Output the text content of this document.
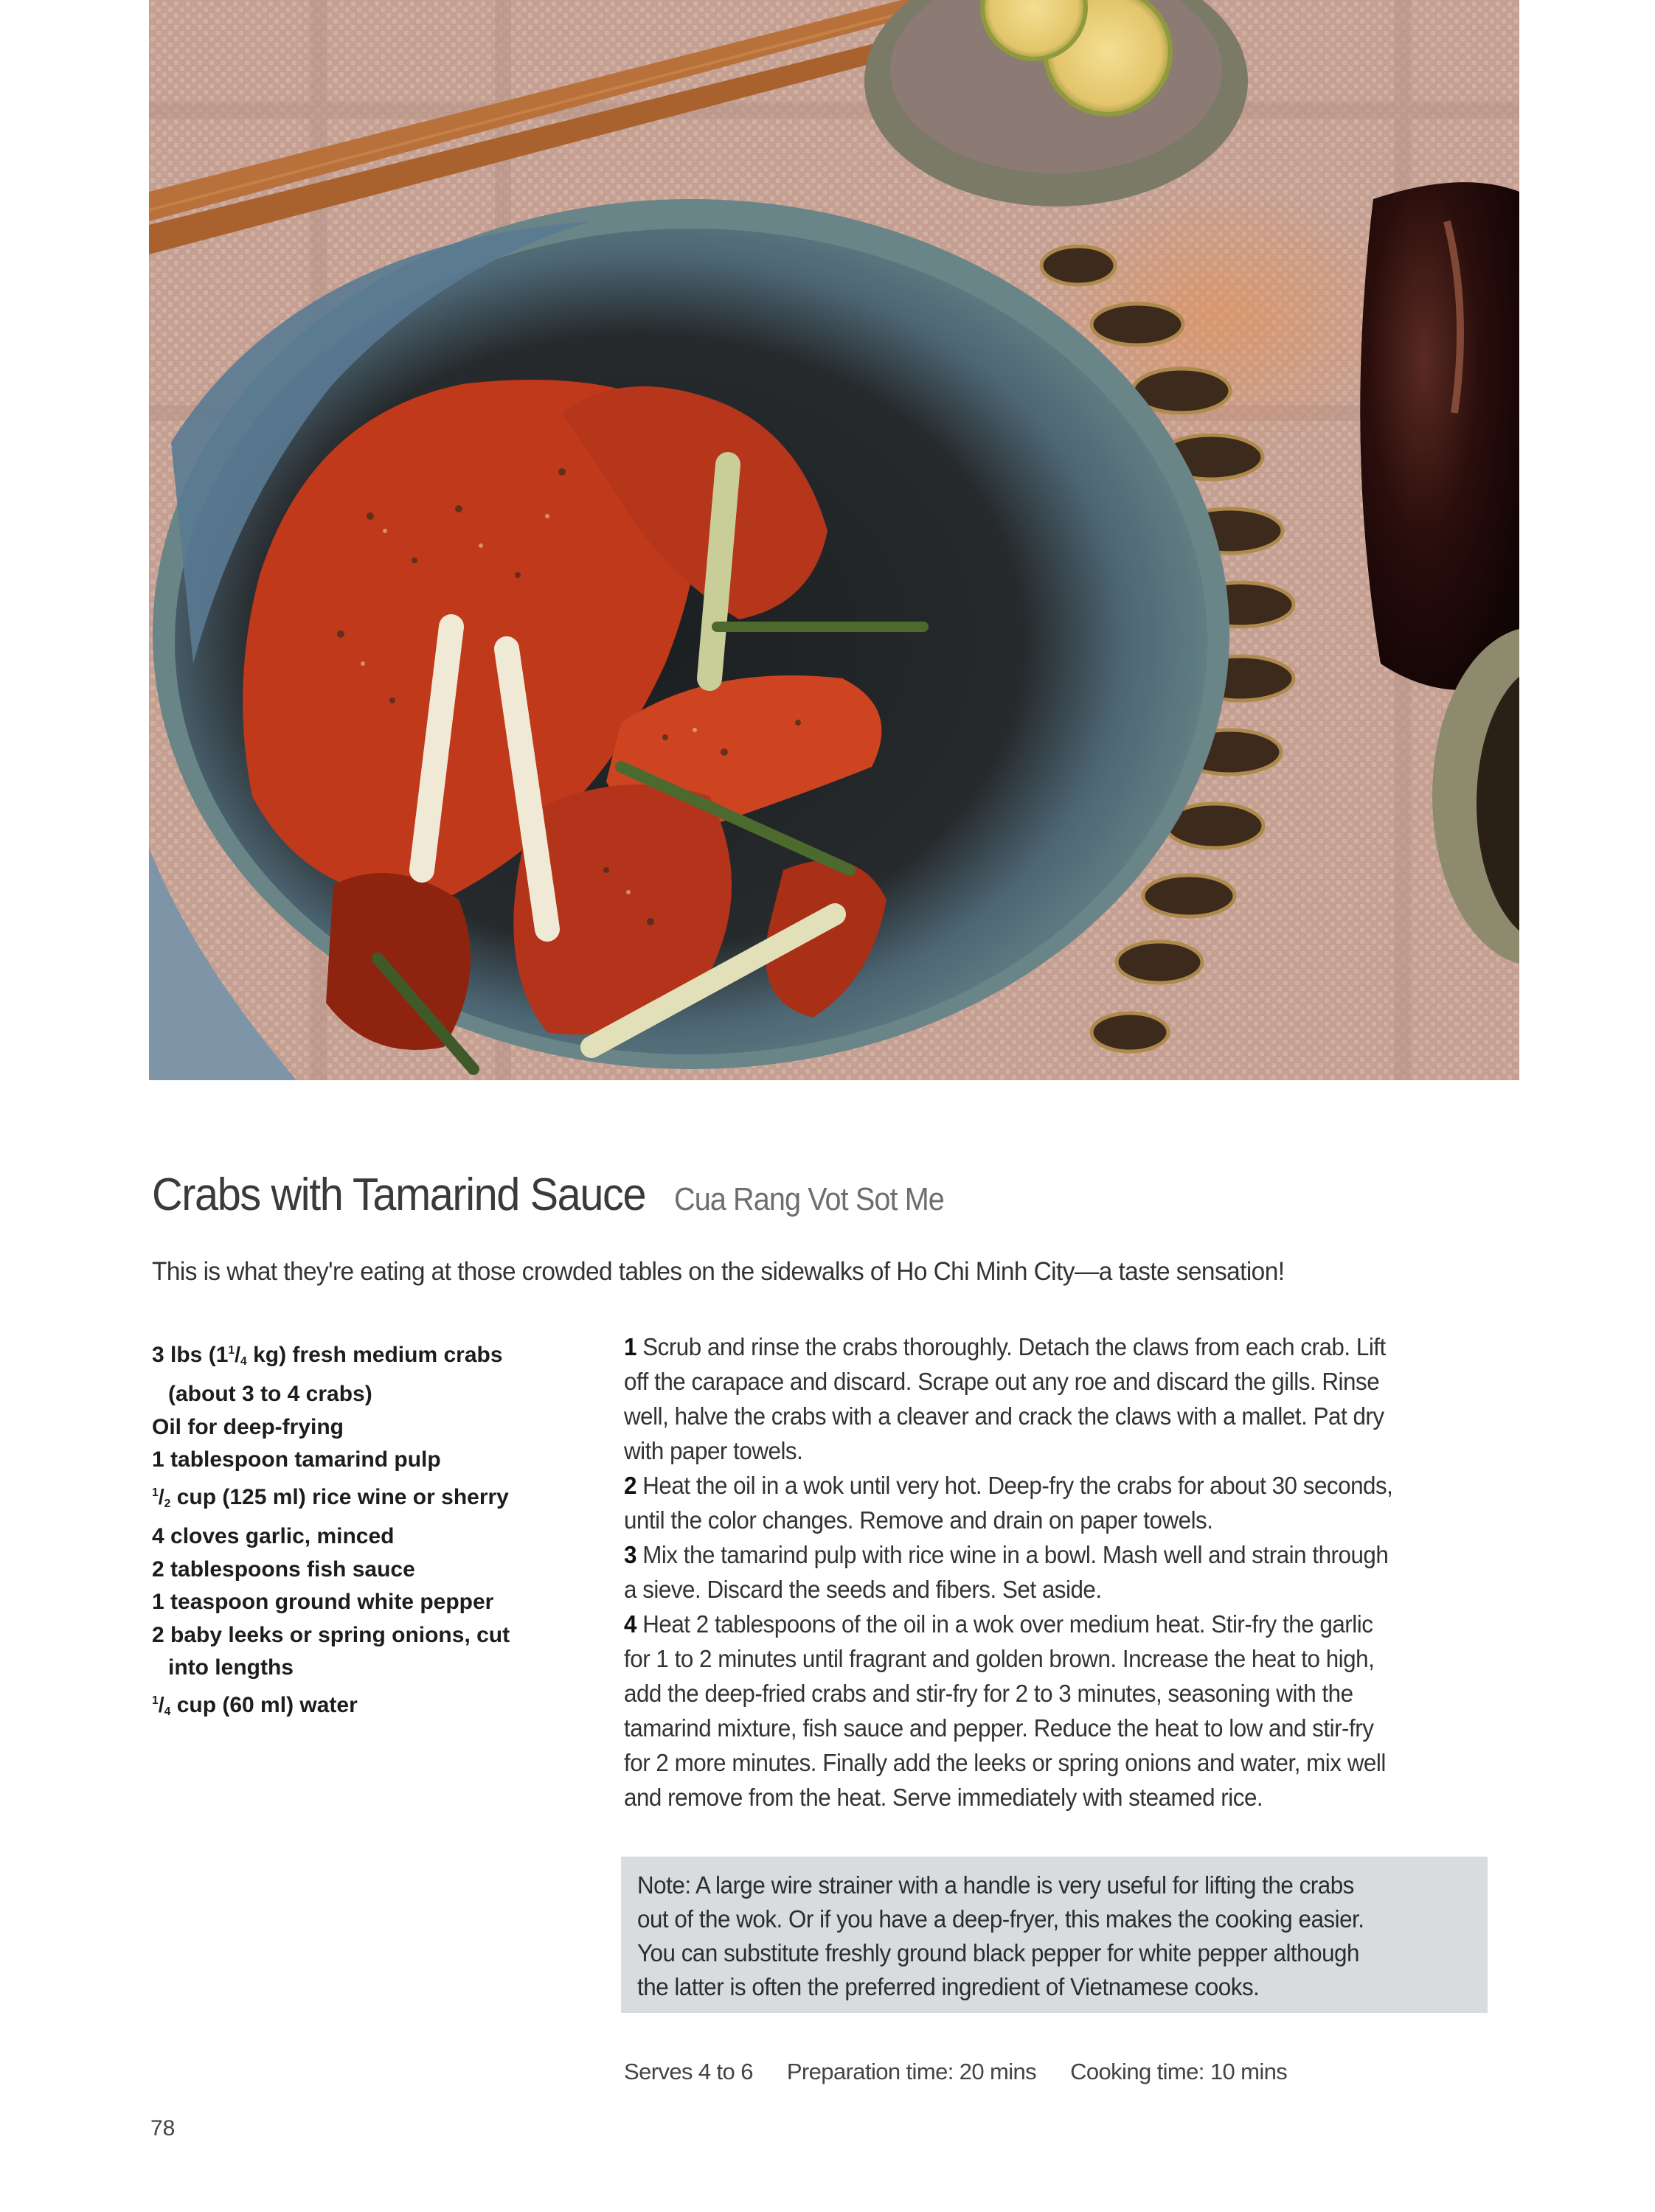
Crabs with Tamarind Sauce Cua Rang Vot Sot Me
This is what they're eating at those crowded tables on the sidewalks of Ho Chi Minh City—a taste sensation!
3 lbs ($1^1/_4$ kg) fresh medium crabs
(about 3 to 4 crabs)
Oil for deep-frying
1 tablespoon tamarind pulp
$^1/_2$ cup (125 ml) rice wine or sherry
4 cloves garlic, minced
2 tablespoons fish sauce
1 teaspoon ground white pepper
2 baby leeks or spring onions, cut
into lengths
$^1/_4$ cup (60 ml) water
1 Scrub and rinse the crabs thoroughly. Detach the claws from each crab. Lift
off the carapace and discard. Scrape out any roe and discard the gills. Rinse
well, halve the crabs with a cleaver and crack the claws with a mallet. Pat dry
with paper towels.
2 Heat the oil in a wok until very hot. Deep-fry the crabs for about 30 seconds,
until the color changes. Remove and drain on paper towels.
3 Mix the tamarind pulp with rice wine in a bowl. Mash well and strain through
a sieve. Discard the seeds and fibers. Set aside.
4 Heat 2 tablespoons of the oil in a wok over medium heat. Stir-fry the garlic
for 1 to 2 minutes until fragrant and golden brown. Increase the heat to high,
add the deep-fried crabs and stir-fry for 2 to 3 minutes, seasoning with the
tamarind mixture, fish sauce and pepper. Reduce the heat to low and stir-fry
for 2 more minutes. Finally add the leeks or spring onions and water, mix well
and remove from the heat. Serve immediately with steamed rice.
Note: A large wire strainer with a handle is very useful for lifting the crabs
out of the wok. Or if you have a deep-fryer, this makes the cooking easier.
You can substitute freshly ground black pepper for white pepper although
the latter is often the preferred ingredient of Vietnamese cooks.
Serves 4 to 6 Preparation time: 20 mins Cooking time: 10 mins
78
